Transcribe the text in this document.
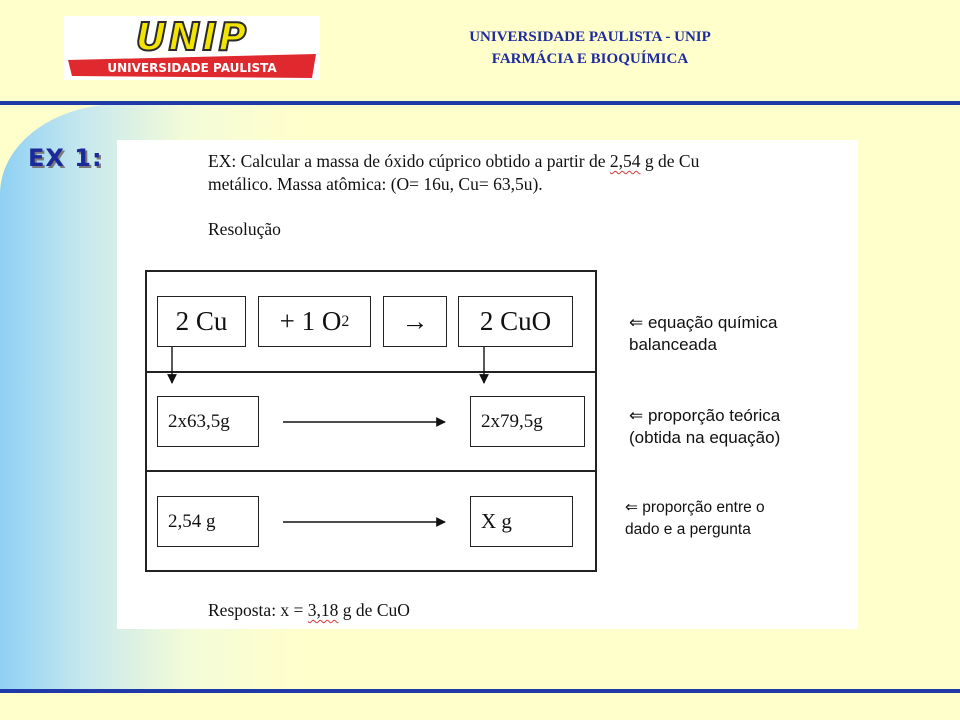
UNIP
UNIVERSIDADE PAULISTA
UNIVERSIDADE PAULISTA - UNIP
FARMÁCIA E BIOQUÍMICA
EX 1:	EX: Calcular a massa de óxido cúprico obtido a partir de 2,54 g de Cu
metálico. Massa atômica: (O= 16u, Cu= 63,5u).
Resolução
2 Cu	+ 1 O 2	→	2 CuO	⇐ equação química
balanceada
2x63,5g	2x79,5g	⇐ proporção teórica
(obtida na equação)
2,54 g	X g
⇐ proporção entre o
dado e a pergunta
Resposta: x = 3,18 g de CuO
